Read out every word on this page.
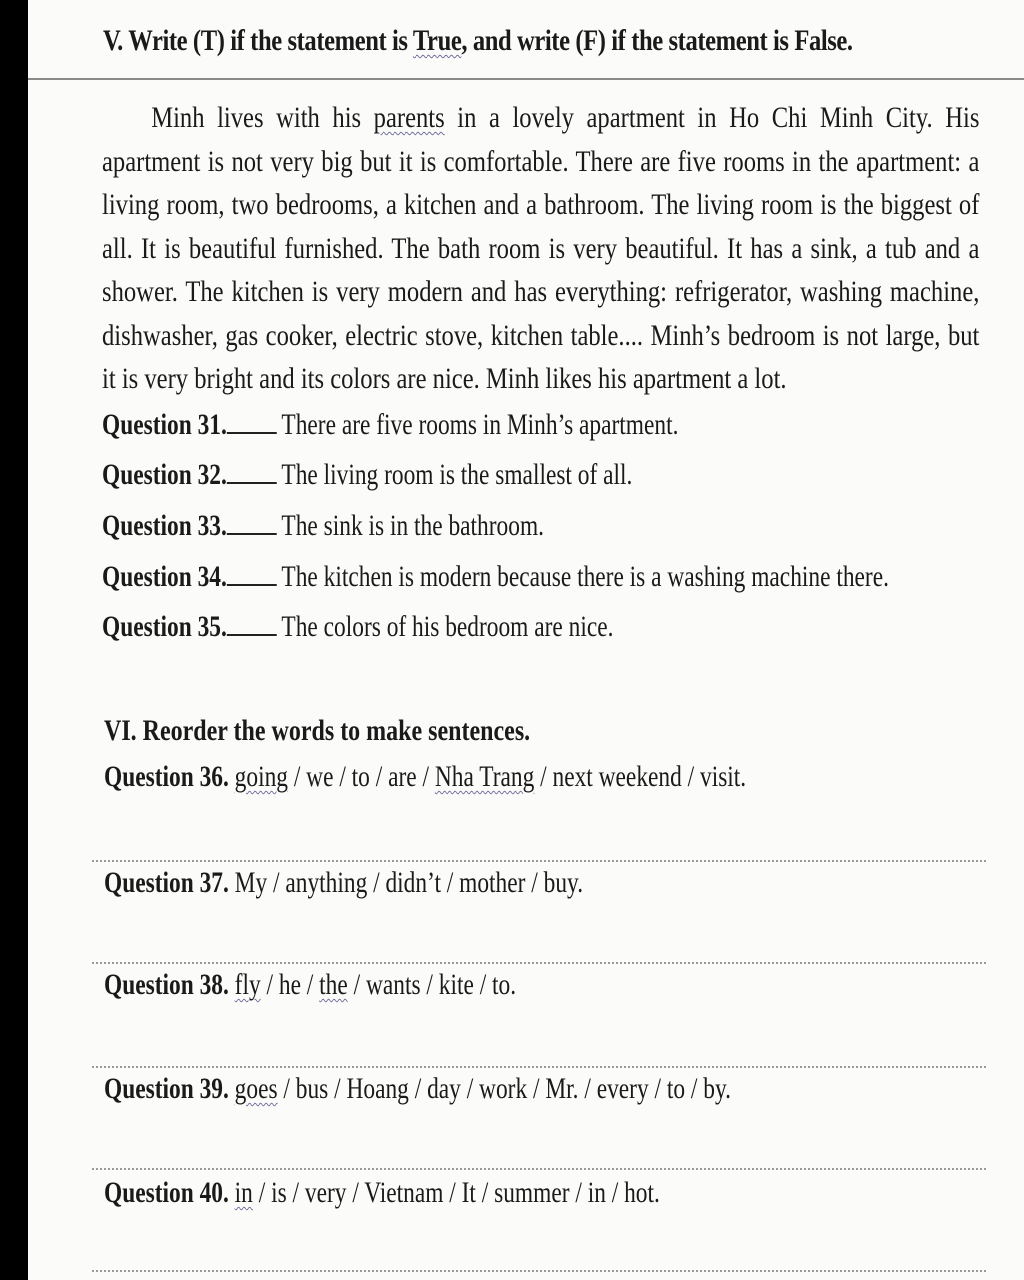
V. Write (T) if the statement is True, and write (F) if the statement is False.
Minh lives with his parents in a lovely apartment in Ho Chi Minh City. His apartment is not very big but it is comfortable. There are five rooms in the apartment: a living room, two bedrooms, a kitchen and a bathroom. The living room is the biggest of all. It is beautiful furnished. The bath room is very beautiful. It has a sink, a tub and a shower. The kitchen is very modern and has everything: refrigerator, washing machine, dishwasher, gas cooker, electric stove, kitchen table.... Minh’s bedroom is not large, but it is very bright and its colors are nice. Minh likes his apartment a lot.
Question 31. There are five rooms in Minh’s apartment.
Question 32. The living room is the smallest of all.
Question 33. The sink is in the bathroom.
Question 34. The kitchen is modern because there is a washing machine there.
Question 35. The colors of his bedroom are nice.
VI. Reorder the words to make sentences.
Question 36. going / we / to / are / Nha Trang / next weekend / visit.
Question 37. My / anything / didn’t / mother / buy.
Question 38. fly / he / the / wants / kite / to.
Question 39. goes / bus / Hoang / day / work / Mr. / every / to / by.
Question 40. in / is / very / Vietnam / It / summer / in / hot.
